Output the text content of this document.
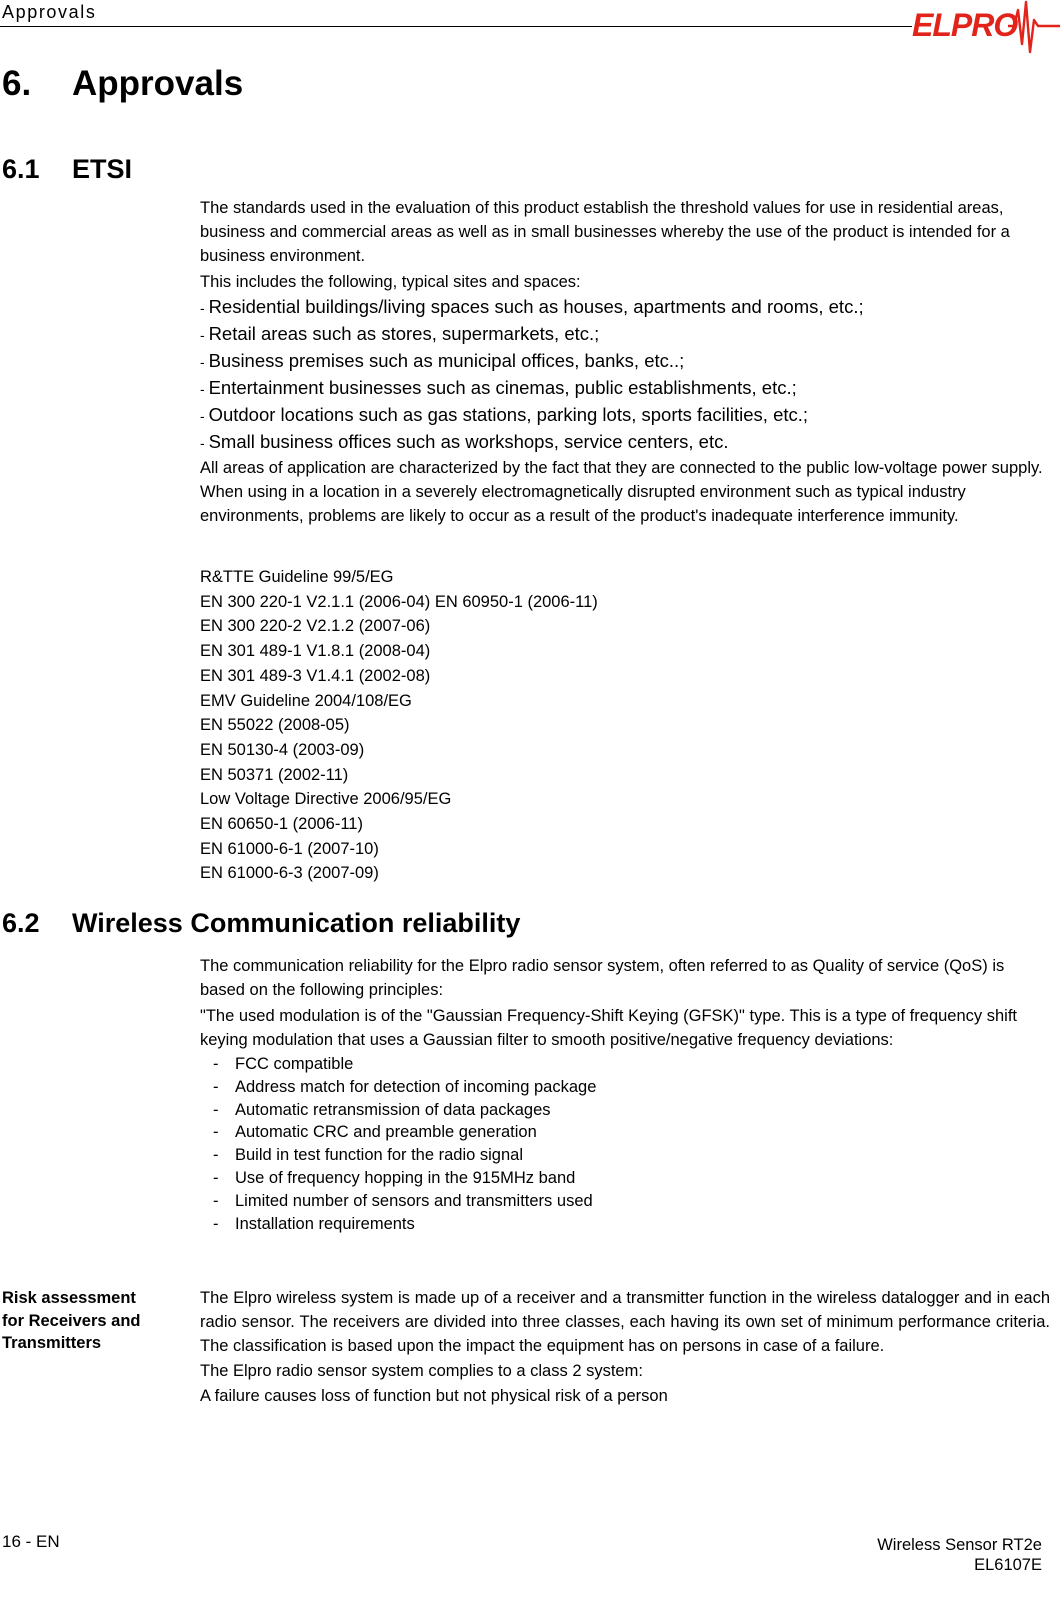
Approvals	ELPRO
6. Approvals
6.1 ETSI

The standards used in the evaluation of this product establish the threshold values for use in residential areas, business and commercial areas as well as in small businesses whereby the use of the product is intended for a business environment.

This includes the following, typical sites and spaces:

- Residential buildings/living spaces such as houses, apartments and rooms, etc.;

- Retail areas such as stores, supermarkets, etc.;

- Business premises such as municipal offices, banks, etc..;

- Entertainment businesses such as cinemas, public establishments, etc.;

- Outdoor locations such as gas stations, parking lots, sports facilities, etc.;

- Small business offices such as workshops, service centers, etc.

All areas of application are characterized by the fact that they are connected to the public low-voltage power supply. When using in a location in a severely electromagnetically disrupted environment such as typical industry environments, problems are likely to occur as a result of the product's inadequate interference immunity.

R&TTE Guideline 99/5/EG

EN 300 220-1 V2.1.1 (2006-04) EN 60950-1 (2006-11)

EN 300 220-2 V2.1.2 (2007-06)

EN 301 489-1 V1.8.1 (2008-04)

EN 301 489-3 V1.4.1 (2002-08)

EMV Guideline 2004/108/EG

EN 55022 (2008-05)

EN 50130-4 (2003-09)

EN 50371 (2002-11)

Low Voltage Directive 2006/95/EG

EN 60650-1 (2006-11)

EN 61000-6-1 (2007-10)

EN 61000-6-3 (2007-09)

6.2 Wireless Communication reliability

The communication reliability for the Elpro radio sensor system, often referred to as Quality of service (QoS) is based on the following principles:

"The used modulation is of the "Gaussian Frequency-Shift Keying (GFSK)" type. This is a type of frequency shift keying modulation that uses a Gaussian filter to smooth positive/negative frequency deviations:

- FCC compatible
- Address match for detection of incoming package
- Automatic retransmission of data packages
- Automatic CRC and preamble generation
- Build in test function for the radio signal
- Use of frequency hopping in the 915MHz band
- Limited number of sensors and transmitters used
- Installation requirements
Risk assessment
for Receivers and
Transmitters

The Elpro wireless system is made up of a receiver and a transmitter function in the wireless datalogger and in each radio sensor. The receivers are divided into three classes, each having its own set of minimum performance criteria. The classification is based upon the impact the equipment has on persons in case of a failure.

The Elpro radio sensor system complies to a class 2 system:

A failure causes loss of function but not physical risk of a person

16 - EN	Wireless Sensor RT2e
EL6107E
